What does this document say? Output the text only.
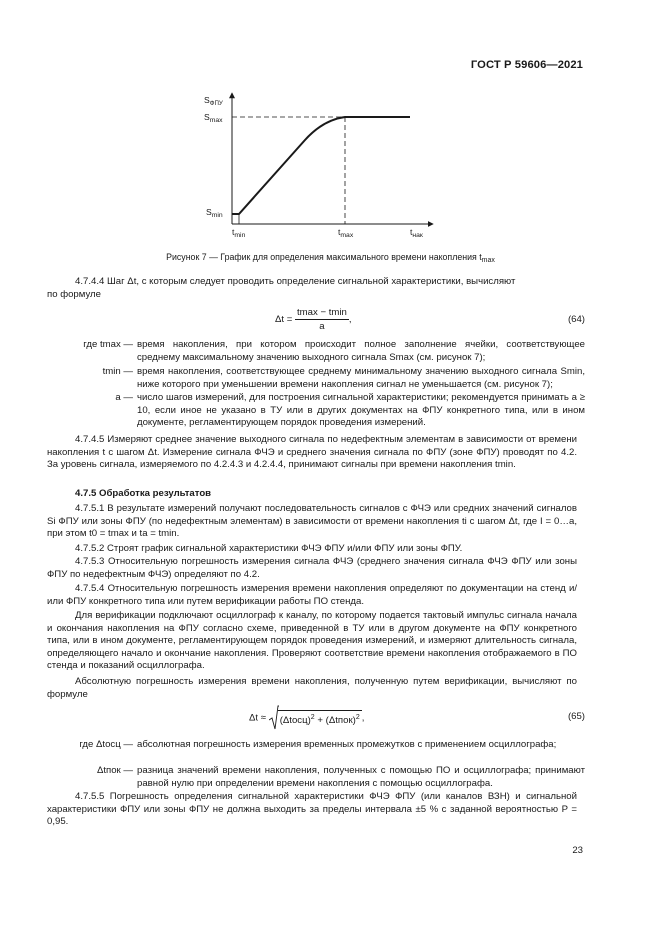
ГОСТ Р 59606—2021
$S_{ФПУ}$
$S_{max}$
$S_{min}$
$t_{min}$	$t_{max}$	$t_{нак}$
Рисунок 7 — График для определения максимального времени накопления $t_{max}$

4.7.4.4 Шаг Δt, с которым следует проводить определение сигнальной характеристики, вычисляют

по формуле

$\Delta t = \frac{tmax - tmin}{a}$ ,	(64)
где tmax — время накопления, при котором происходит полное заполнение ячейки, соответствующее среднему максимальному значению выходного сигнала Smax (см. рисунок 7);
tmin — время накопления, соответствующее среднему минимальному значению выходного сигнала Smin, ниже которого при уменьшении времени накопления сигнал не уменьшается (см. рисунок 7);
a — число шагов измерений, для построения сигнальной характеристики; рекомендуется принимать a ≥ 10, если иное не указано в ТУ или в других документах на ФПУ конкретного типа, или в ином документе, регламентирующем порядок проведения измерений.
4.7.4.5 Измеряют среднее значение выходного сигнала по недефектным элементам в зависимости от времени накопления t с шагом Δt. Измерение сигнала ФЧЭ и среднего значения сигнала по ФПУ (зоне ФПУ) проводят по 4.2. За уровень сигнала, измеряемого по 4.2.4.3 и 4.2.4.4, принимают сигналы при времени накопления tmin.
4.7.5 Обработка результатов
4.7.5.1 В результате измерений получают последовательность сигналов с ФЧЭ или средних значений сигналов Si ФПУ или зоны ФПУ (по недефектным элементам) в зависимости от времени накопления ti с шагом Δt, где I = 0…a, при этом t0 = tmax и ta = tmin.
4.7.5.2 Строят график сигнальной характеристики ФЧЭ ФПУ и/или ФПУ или зоны ФПУ.
4.7.5.3 Относительную погрешность измерения сигнала ФЧЭ (среднего значения сигнала ФЧЭ ФПУ или зоны ФПУ по недефектным ФЧЭ) определяют по 4.2.
4.7.5.4 Относительную погрешность измерения времени накопления определяют по документации на стенд и/или ФПУ конкретного типа или путем верификации работы ПО стенда.
Для верификации подключают осциллограф к каналу, по которому подается тактовый импульс сигнала начала и окончания накопления на ФПУ согласно схеме, приведенной в ТУ или в другом документе на ФПУ конкретного типа, или в ином документе, регламентирующем порядок проведения измерений, и измеряют длительность сигнала, определяющего начало и окончание накопления. Проверяют соответствие времени накопления отображаемого в ПО стенда и показаний осциллографа.
Абсолютную погрешность измерения времени накопления, полученную путем верификации, вычисляют по формуле
Δt ≈ (Δtосц)$^2$ + (Δtпок)$^2$ ,	(65)
где Δtосц — абсолютная погрешность измерения временных промежутков с применением осциллографа;
Δtпок — разница значений времени накопления, полученных с помощью ПО и осциллографа; принимают равной нулю при определении времени накопления с помощью осциллографа.
4.7.5.5 Погрешность определения сигнальной характеристики ФЧЭ ФПУ (или каналов ВЗН) и сигнальной характеристики ФПУ или зоны ФПУ не должна выходить за пределы интервала ±5 % с заданной вероятностью P = 0,95.
23
